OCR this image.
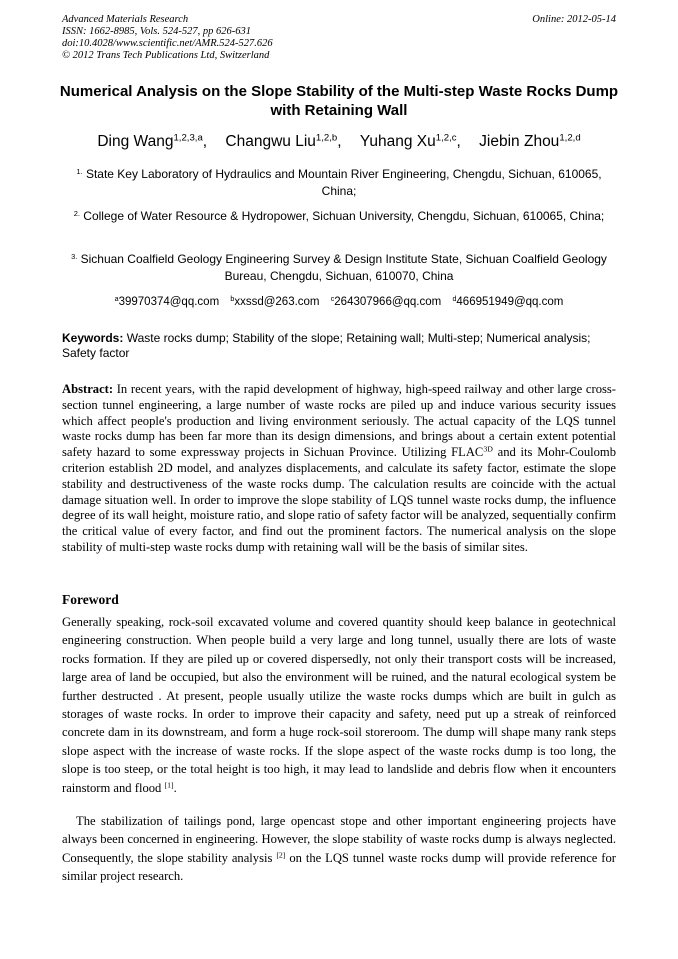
Advanced Materials Research
ISSN: 1662-8985, Vols. 524-527, pp 626-631
doi:10.4028/www.scientific.net/AMR.524-527.626
© 2012 Trans Tech Publications Ltd, Switzerland
Online: 2012-05-14
Numerical Analysis on the Slope Stability of the Multi-step Waste Rocks Dump with Retaining Wall
Ding Wang$^{1,2,3,a}$, Changwu Liu$^{1,2,b}$, Yuhang Xu$^{1,2,c}$, Jiebin Zhou$^{1,2,d}$
$^{1.}$ State Key Laboratory of Hydraulics and Mountain River Engineering, Chengdu, Sichuan, 610065, China;
$^{2.}$ College of Water Resource & Hydropower, Sichuan University, Chengdu, Sichuan, 610065, China;
$^{3.}$ Sichuan Coalfield Geology Engineering Survey & Design Institute State, Sichuan Coalfield Geology Bureau, Chengdu, Sichuan, 610070, China
$^a$39970374@qq.com $^b$xxssd@263.com $^c$264307966@qq.com $^d$466951949@qq.com
Keywords: Waste rocks dump; Stability of the slope; Retaining wall; Multi-step; Numerical analysis; Safety factor
Abstract: In recent years, with the rapid development of highway, high-speed railway and other large cross-section tunnel engineering, a large number of waste rocks are piled up and induce various security issues which affect people's production and living environment seriously. The actual capacity of the LQS tunnel waste rocks dump has been far more than its design dimensions, and brings about a certain extent potential safety hazard to some expressway projects in Sichuan Province. Utilizing $FLAC^{3D}$ and its Mohr-Coulomb criterion establish 2D model, and analyzes displacements, and calculate its safety factor, estimate the slope stability and destructiveness of the waste rocks dump. The calculation results are coincide with the actual damage situation well. In order to improve the slope stability of LQS tunnel waste rocks dump, the influence degree of its wall height, moisture ratio, and slope ratio of safety factor will be analyzed, sequentially confirm the critical value of every factor, and find out the prominent factors. The numerical analysis on the slope stability of multi-step waste rocks dump with retaining wall will be the basis of similar sites.
Foreword
Generally speaking, rock-soil excavated volume and covered quantity should keep balance in geotechnical engineering construction. When people build a very large and long tunnel, usually there are lots of waste rocks formation. If they are piled up or covered dispersedly, not only their transport costs will be increased, large area of land be occupied, but also the environment will be ruined, and the natural ecological system be further destructed . At present, people usually utilize the waste rocks dumps which are built in gulch as storages of waste rocks. In order to improve their capacity and safety, need put up a streak of reinforced concrete dam in its downstream, and form a huge rock-soil storeroom. The dump will shape many rank steps slope aspect with the increase of waste rocks. If the slope aspect of the waste rocks dump is too long, the slope is too steep, or the total height is too high, it may lead to landslide and debris flow when it encounters rainstorm and flood [1].
The stabilization of tailings pond, large opencast stope and other important engineering projects have always been concerned in engineering. However, the slope stability of waste rocks dump is always neglected. Consequently, the slope stability analysis [2] on the LQS tunnel waste rocks dump will provide reference for similar project research.
